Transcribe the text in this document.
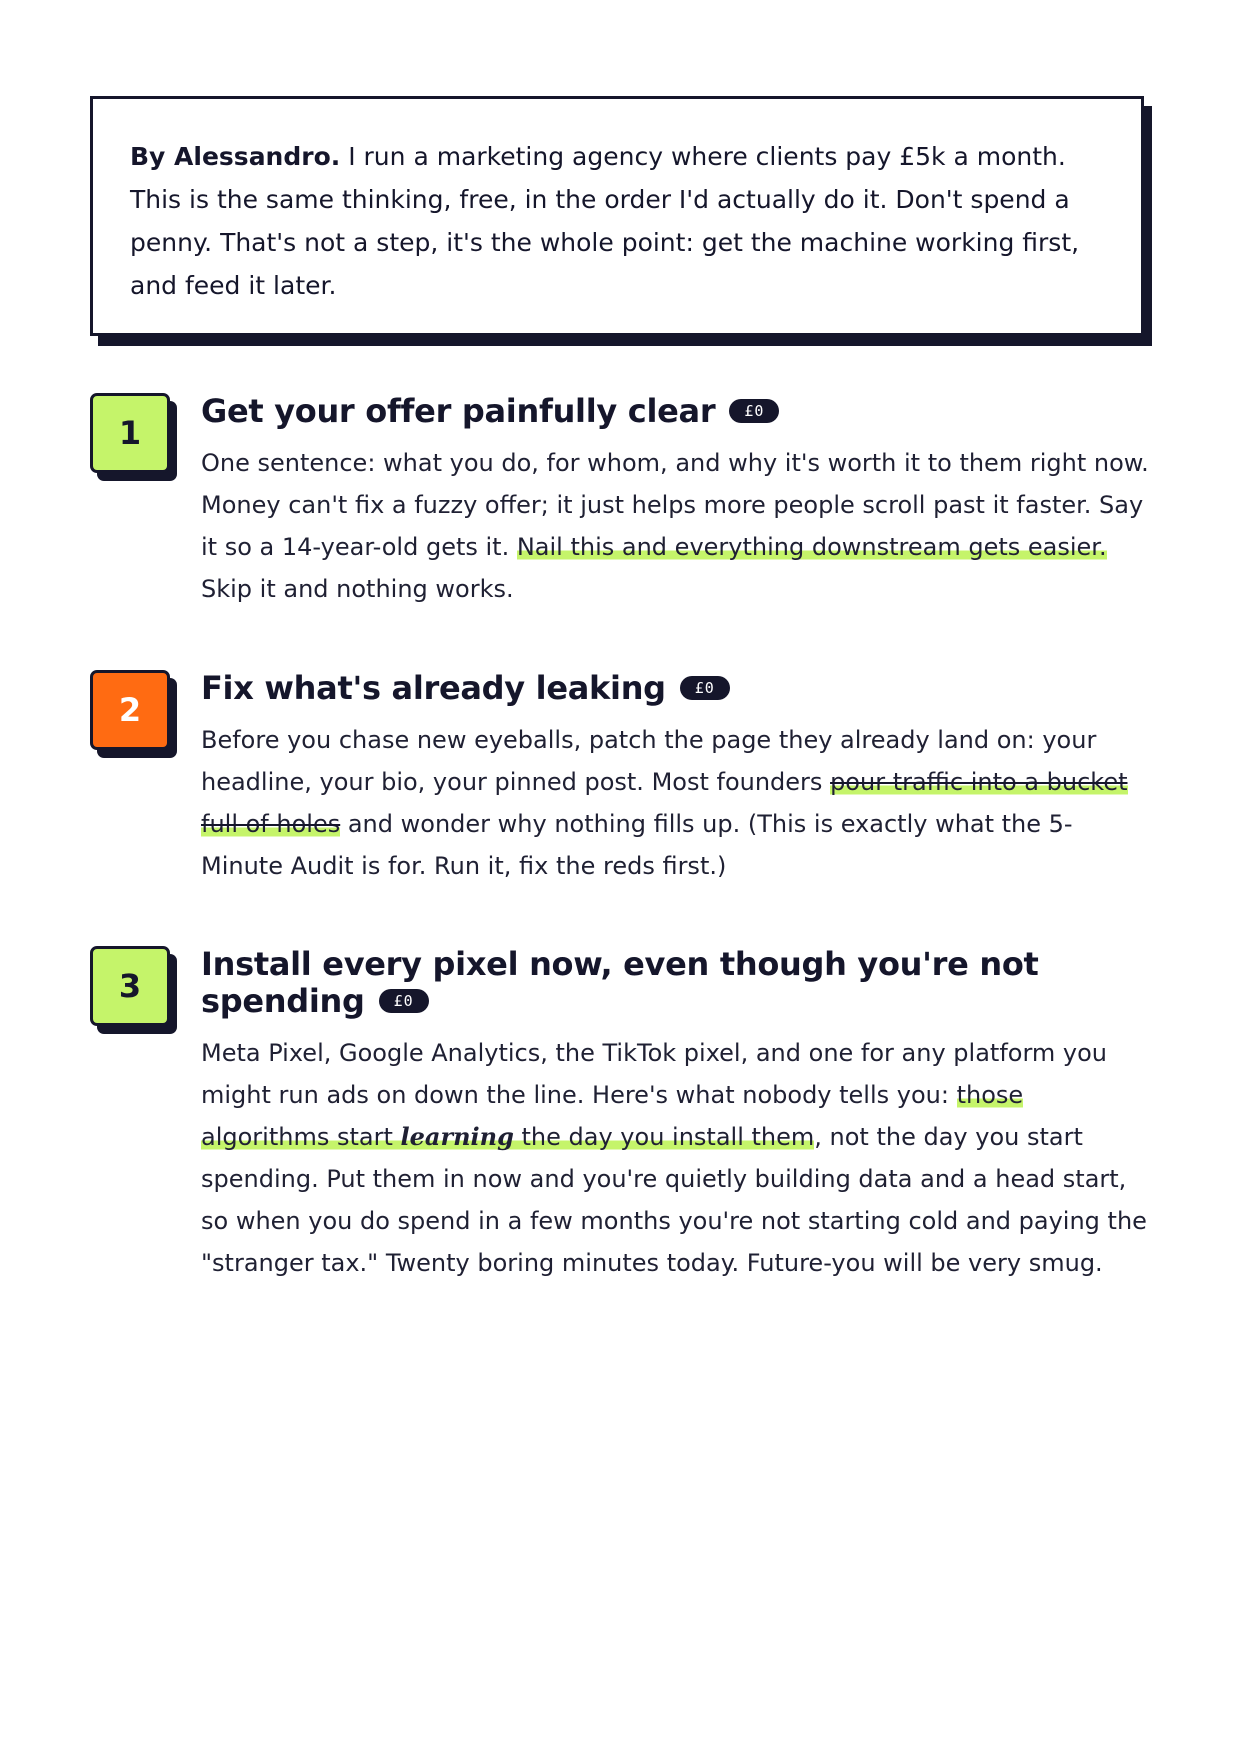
By Alessandro. I run a marketing agency where clients pay £5k a month. This is the same thinking, free, in the order I'd actually do it. Don't spend a penny. That's not a step, it's the whole point: get the machine working first, and feed it later.
1
Get your offer painfully clear £0

One sentence: what you do, for whom, and why it's worth it to them right now. Money can't fix a fuzzy offer; it just helps more people scroll past it faster. Say it so a 14-year-old gets it. Nail this and everything downstream gets easier. Skip it and nothing works.

2
Fix what's already leaking £0

Before you chase new eyeballs, patch the page they already land on: your headline, your bio, your pinned post. Most founders pour traffic into a bucket full of holes and wonder why nothing fills up. (This is exactly what the 5-Minute Audit is for. Run it, fix the reds first.)

3
Install every pixel now, even though you're not spending £0

Meta Pixel, Google Analytics, the TikTok pixel, and one for any platform you might run ads on down the line. Here's what nobody tells you: those algorithms start learning the day you install them, not the day you start spending. Put them in now and you're quietly building data and a head start, so when you do spend in a few months you're not starting cold and paying the "stranger tax." Twenty boring minutes today. Future-you will be very smug.
